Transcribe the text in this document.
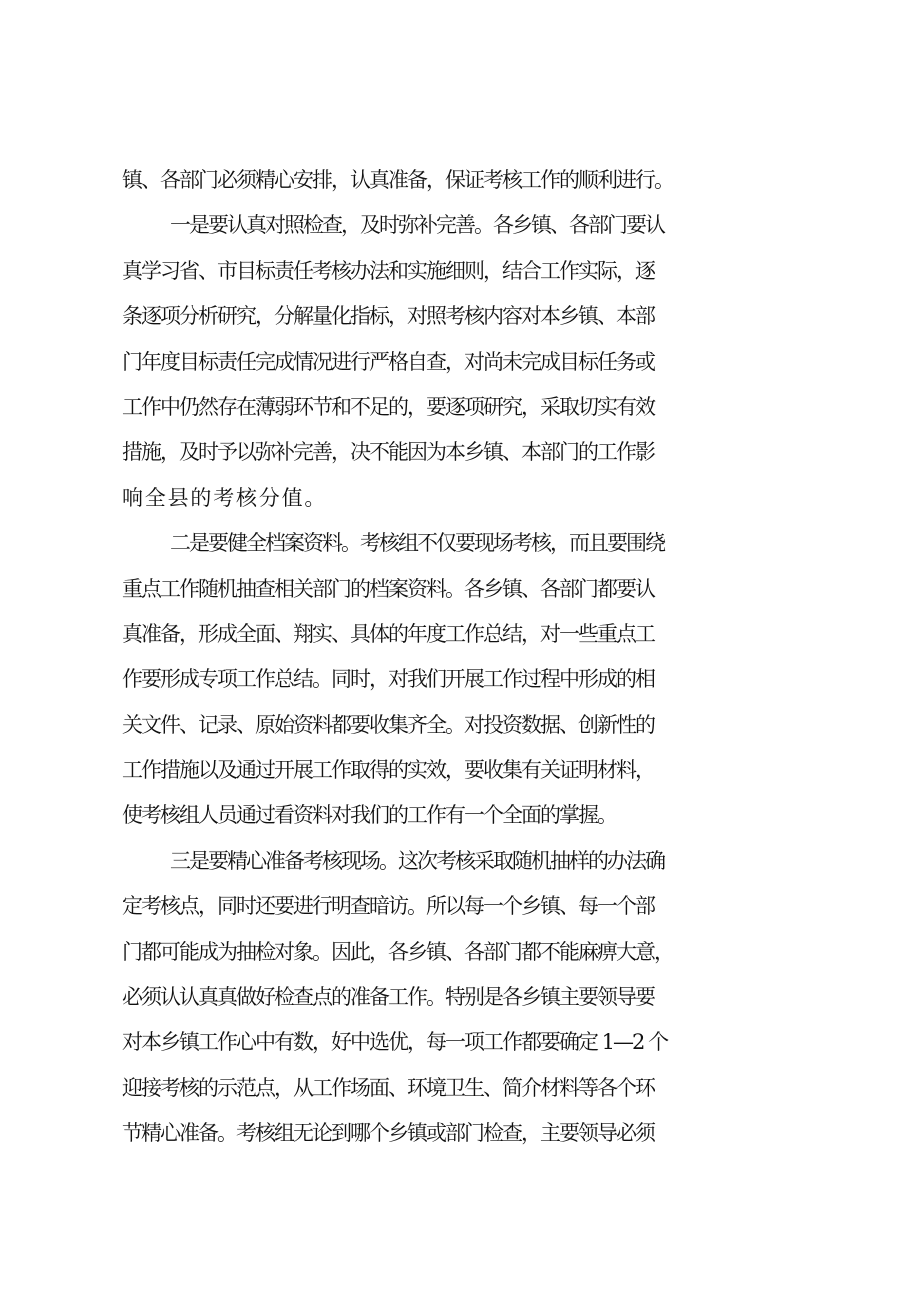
镇、各部门必须精心安排，认真准备，保证考核工作的顺利进行。
一是要认真对照检查，及时弥补完善。各乡镇、各部门要认
真学习省、市目标责任考核办法和实施细则，结合工作实际，逐
条逐项分析研究，分解量化指标，对照考核内容对本乡镇、本部
门年度目标责任完成情况进行严格自查，对尚未完成目标任务或
工作中仍然存在薄弱环节和不足的，要逐项研究，采取切实有效
措施，及时予以弥补完善，决不能因为本乡镇、本部门的工作影
响全县的考核分值。
二是要健全档案资料。考核组不仅要现场考核，而且要围绕
重点工作随机抽查相关部门的档案资料。各乡镇、各部门都要认
真准备，形成全面、翔实、具体的年度工作总结，对一些重点工
作要形成专项工作总结。同时，对我们开展工作过程中形成的相
关文件、记录、原始资料都要收集齐全。对投资数据、创新性的
工作措施以及通过开展工作取得的实效，要收集有关证明材料，
使考核组人员通过看资料对我们的工作有一个全面的掌握。
三是要精心准备考核现场。这次考核采取随机抽样的办法确
定考核点，同时还要进行明查暗访。所以每一个乡镇、每一个部
门都可能成为抽检对象。因此，各乡镇、各部门都不能麻痹大意，
必须认认真真做好检查点的准备工作。特别是各乡镇主要领导要
对本乡镇工作心中有数，好中选优，每一项工作都要确定 1—2 个
迎接考核的示范点，从工作场面、环境卫生、简介材料等各个环
节精心准备。考核组无论到哪个乡镇或部门检查，主要领导必须
